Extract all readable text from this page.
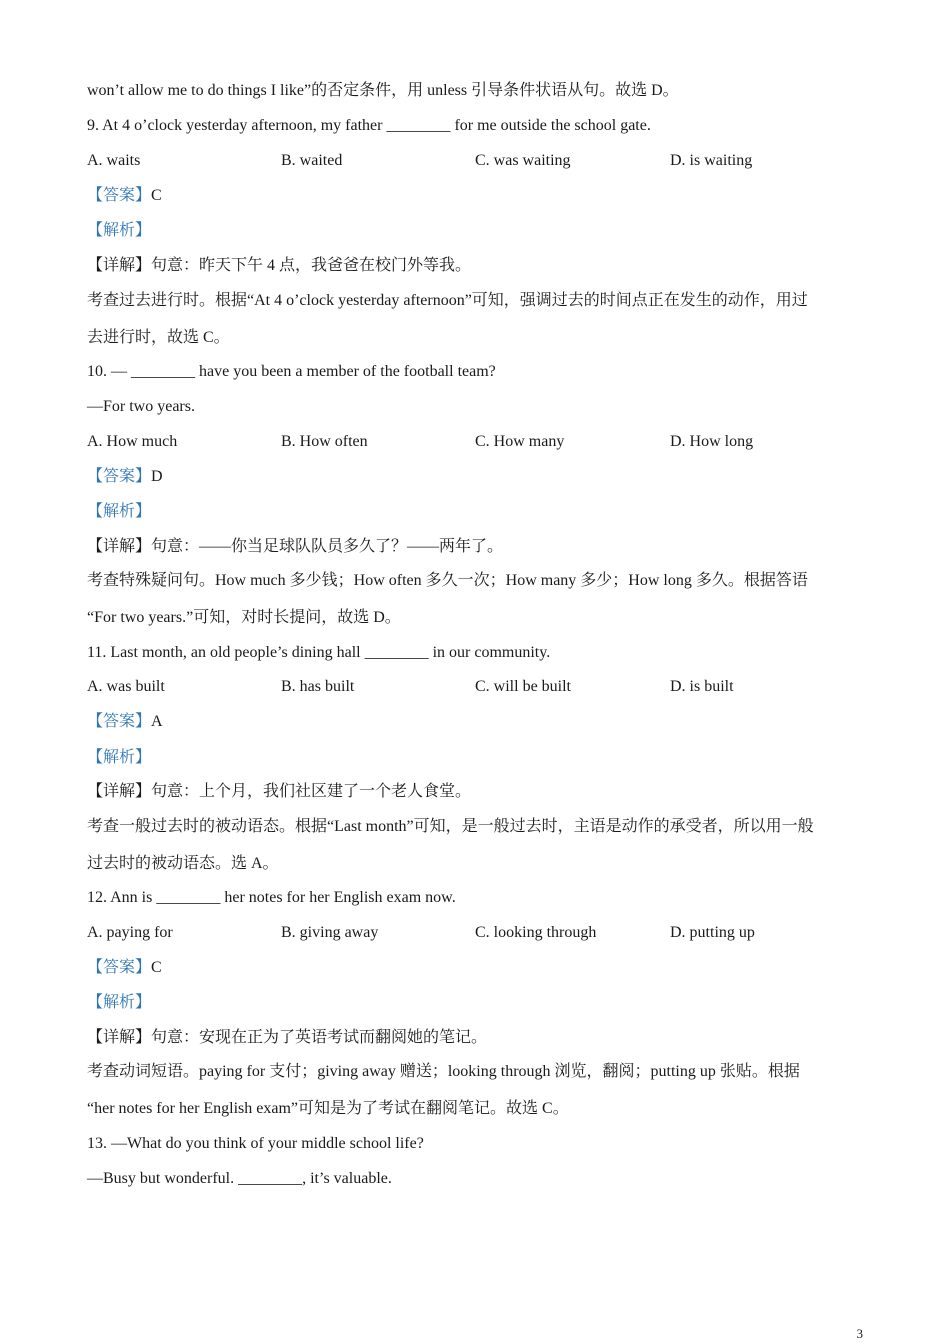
won’t allow me to do things I like”的否定条件，用 unless 引导条件状语从句。故选 D。
9. At 4 o’clock yesterday afternoon, my father ________ for me outside the school gate.
A. waits	B. waited	C. was waiting	D. is waiting
【答案】C
【解析】
【详解】句意：昨天下午 4 点，我爸爸在校门外等我。
考查过去进行时。根据“At 4 o’clock yesterday afternoon”可知，强调过去的时间点正在发生的动作，用过
去进行时，故选 C。
10. — ________ have you been a member of the football team?
—For two years.
A. How much	B. How often	C. How many	D. How long
【答案】D
【解析】
【详解】句意：——你当足球队队员多久了？——两年了。
考查特殊疑问句。How much 多少钱；How often 多久一次；How many 多少；How long 多久。根据答语
“For two years.”可知，对时长提问，故选 D。
11. Last month, an old people’s dining hall ________ in our community.
A. was built	B. has built	C. will be built	D. is built
【答案】A
【解析】
【详解】句意：上个月，我们社区建了一个老人食堂。
考查一般过去时的被动语态。根据“Last month”可知，是一般过去时，主语是动作的承受者，所以用一般
过去时的被动语态。选 A。
12. Ann is ________ her notes for her English exam now.
A. paying for	B. giving away	C. looking through	D. putting up
【答案】C
【解析】
【详解】句意：安现在正为了英语考试而翻阅她的笔记。
考查动词短语。paying for 支付；giving away 赠送；looking through 浏览，翻阅；putting up 张贴。根据
“her notes for her English exam”可知是为了考试在翻阅笔记。故选 C。
13. —What do you think of your middle school life?
—Busy but wonderful. ________, it’s valuable.
3
